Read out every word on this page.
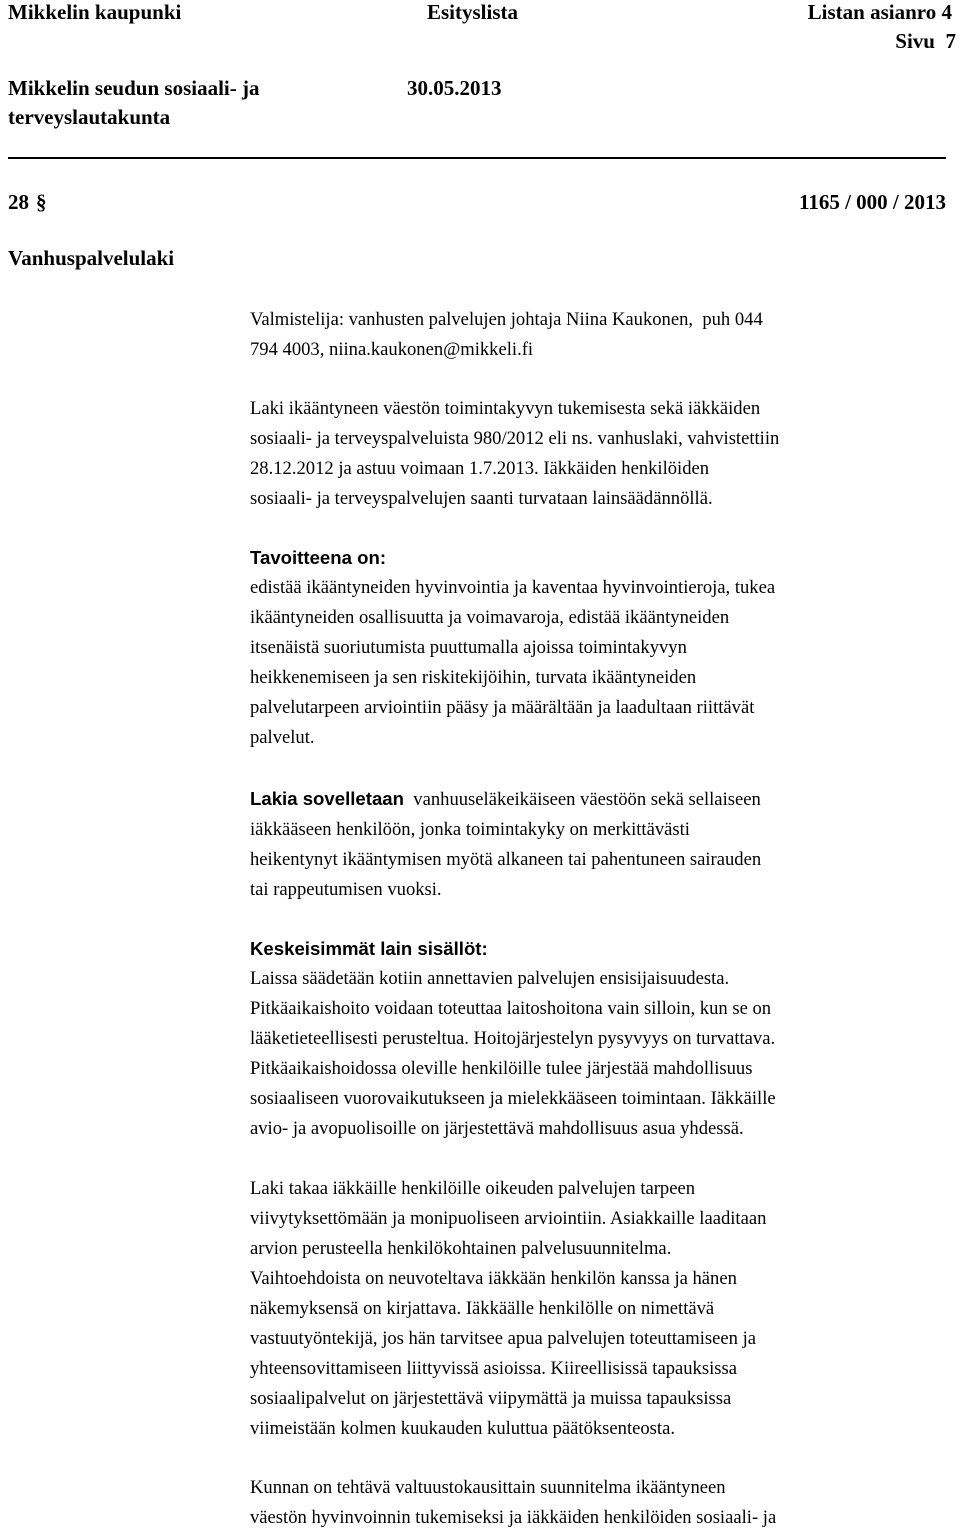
Mikkelin kaupunki	Esityslista	Listan asianro 4
Sivu  7
Mikkelin seudun sosiaali- ja
terveyslautakunta
30.05.2013
28 §	1165 / 000 / 2013
Vanhuspalvelulaki
Valmistelija: vanhusten palvelujen johtaja Niina Kaukonen,  puh 044
794 4003, niina.kaukonen@mikkeli.fi
Laki ikääntyneen väestön toimintakyvyn tukemisesta sekä iäkkäiden
sosiaali- ja terveyspalveluista 980/2012 eli ns. vanhuslaki, vahvistettiin
28.12.2012 ja astuu voimaan 1.7.2013. Iäkkäiden henkilöiden
sosiaali- ja terveyspalvelujen saanti turvataan lainsäädännöllä.
Tavoitteena on:
edistää ikääntyneiden hyvinvointia ja kaventaa hyvinvointieroja, tukea
ikääntyneiden osallisuutta ja voimavaroja, edistää ikääntyneiden
itsenäistä suoriutumista puuttumalla ajoissa toimintakyvyn
heikkenemiseen ja sen riskitekijöihin, turvata ikääntyneiden
palvelutarpeen arviointiin pääsy ja määrältään ja laadultaan riittävät
palvelut.
Lakia sovelletaan vanhuuseläkeikäiseen väestöön sekä sellaiseen
iäkkääseen henkilöön, jonka toimintakyky on merkittävästi
heikentynyt ikääntymisen myötä alkaneen tai pahentuneen sairauden
tai rappeutumisen vuoksi.
Keskeisimmät lain sisällöt:
Laissa säädetään kotiin annettavien palvelujen ensisijaisuudesta.
Pitkäaikaishoito voidaan toteuttaa laitoshoitona vain silloin, kun se on
lääketieteellisesti perusteltua. Hoitojärjestelyn pysyvyys on turvattava.
Pitkäaikaishoidossa oleville henkilöille tulee järjestää mahdollisuus
sosiaaliseen vuorovaikutukseen ja mielekkääseen toimintaan. Iäkkäille
avio- ja avopuolisoille on järjestettävä mahdollisuus asua yhdessä.
Laki takaa iäkkäille henkilöille oikeuden palvelujen tarpeen
viivytyksettömään ja monipuoliseen arviointiin. Asiakkaille laaditaan
arvion perusteella henkilökohtainen palvelusuunnitelma.
Vaihtoehdoista on neuvoteltava iäkkään henkilön kanssa ja hänen
näkemyksensä on kirjattava. Iäkkäälle henkilölle on nimettävä
vastuutyöntekijä, jos hän tarvitsee apua palvelujen toteuttamiseen ja
yhteensovittamiseen liittyvissä asioissa. Kiireellisissä tapauksissa
sosiaalipalvelut on järjestettävä viipymättä ja muissa tapauksissa
viimeistään kolmen kuukauden kuluttua päätöksenteosta.
Kunnan on tehtävä valtuustokausittain suunnitelma ikääntyneen
väestön hyvinvoinnin tukemiseksi ja iäkkäiden henkilöiden sosiaali- ja
